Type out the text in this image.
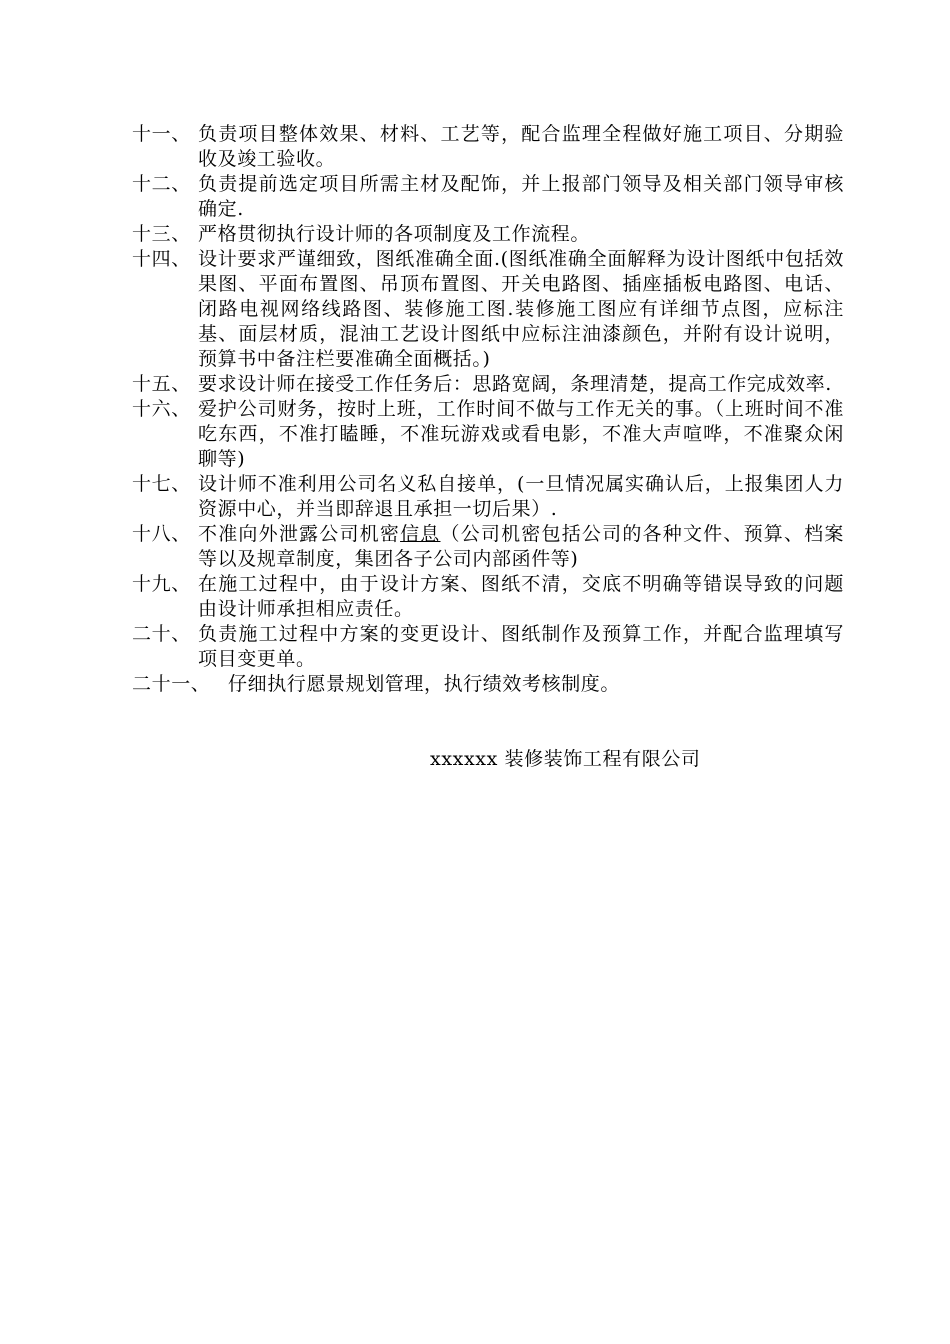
十一、 负责项目整体效果、材料、工艺等，配合监理全程做好施工项目、分期验收及竣工验收。
十二、 负责提前选定项目所需主材及配饰，并上报部门领导及相关部门领导审核确定.
十三、 严格贯彻执行设计师的各项制度及工作流程。
十四、 设计要求严谨细致，图纸准确全面.(图纸准确全面解释为设计图纸中包括效果图、平面布置图、吊顶布置图、开关电路图、插座插板电路图、电话、闭路电视网络线路图、装修施工图.装修施工图应有详细节点图，应标注基、面层材质，混油工艺设计图纸中应标注油漆颜色，并附有设计说明，预算书中备注栏要准确全面概括。)
十五、 要求设计师在接受工作任务后：思路宽阔，条理清楚，提高工作完成效率.
十六、 爱护公司财务，按时上班，工作时间不做与工作无关的事。（上班时间不准吃东西，不准打瞌睡，不准玩游戏或看电影，不准大声喧哗，不准聚众闲聊等)
十七、 设计师不准利用公司名义私自接单，(一旦情况属实确认后，上报集团人力资源中心，并当即辞退且承担一切后果）.
十八、 不准向外泄露公司机密信息（公司机密包括公司的各种文件、预算、档案等以及规章制度，集团各子公司内部函件等)
十九、 在施工过程中，由于设计方案、图纸不清，交底不明确等错误导致的问题由设计师承担相应责任。
二十、 负责施工过程中方案的变更设计、图纸制作及预算工作，并配合监理填写项目变更单。
二十一、 仔细执行愿景规划管理，执行绩效考核制度。
xxxxxx 装修装饰工程有限公司
